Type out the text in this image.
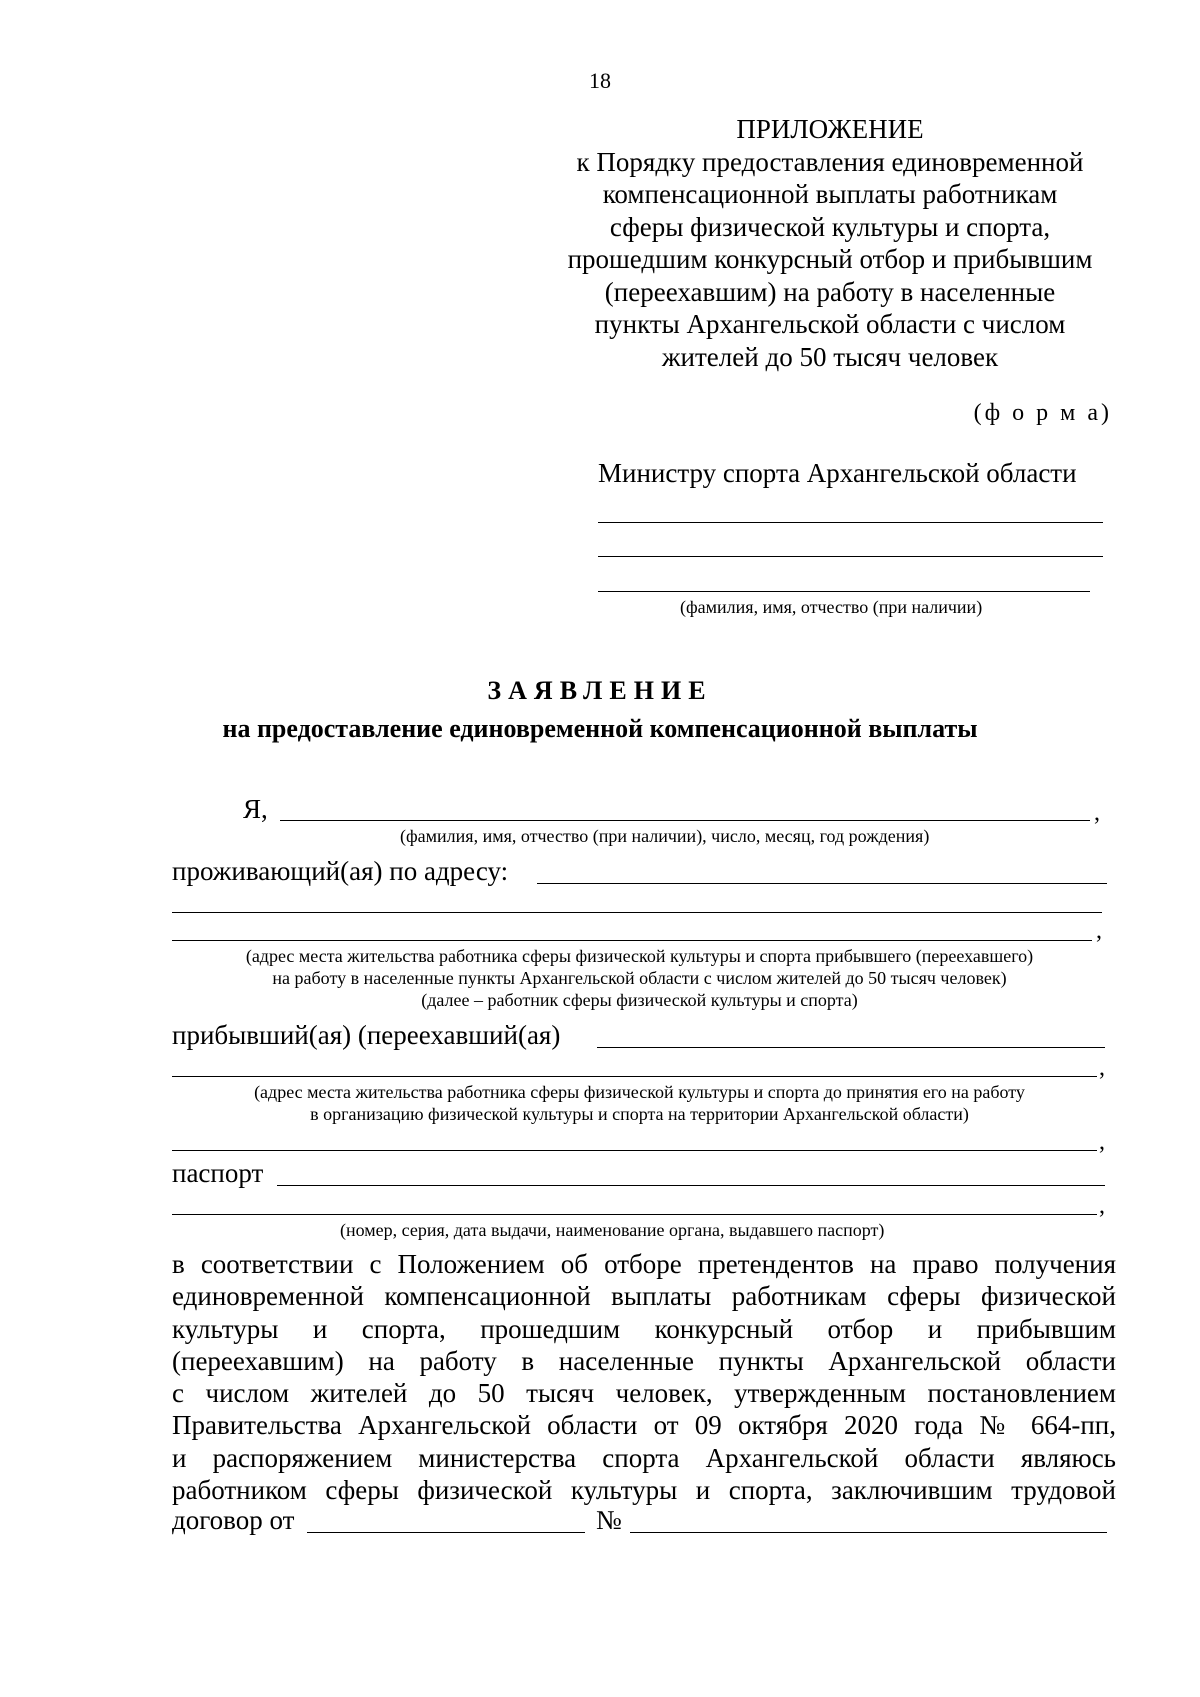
18
ПРИЛОЖЕНИЕ
к Порядку предоставления единовременной
компенсационной выплаты работникам
сферы физической культуры и спорта,
прошедшим конкурсный отбор и прибывшим
(переехавшим) на работу в населенные
пункты Архангельской области с числом
жителей до 50 тысяч человек
(ф о р м а)
Министру спорта Архангельской области
(фамилия, имя, отчество (при наличии)
ЗАЯВЛЕНИЕ
на предоставление единовременной компенсационной выплаты
Я,	,
(фамилия, имя, отчество (при наличии), число, месяц, год рождения)
проживающий(ая) по адресу:
,
(адрес места жительства работника сферы физической культуры и спорта прибывшего (переехавшего)
на работу в населенные пункты Архангельской области с числом жителей до 50 тысяч человек)
(далее – работник сферы физической культуры и спорта)
прибывший(ая) (переехавший(ая)
,
(адрес места жительства работника сферы физической культуры и спорта до принятия его на работу
в организацию физической культуры и спорта на территории Архангельской области)
,
паспорт
,
(номер, серия, дата выдачи, наименование органа, выдавшего паспорт)
в соответствии с Положением об отборе претендентов на право получения
единовременной компенсационной выплаты работникам сферы физической
культуры и спорта, прошедшим конкурсный отбор и прибывшим
(переехавшим) на работу в населенные пункты Архангельской области
с числом жителей до 50 тысяч человек, утвержденным постановлением
Правительства Архангельской области от 09 октября 2020 года № 664-пп,
и распоряжением министерства спорта Архангельской области являюсь
работником сферы физической культуры и спорта, заключившим трудовой
договор от	№
